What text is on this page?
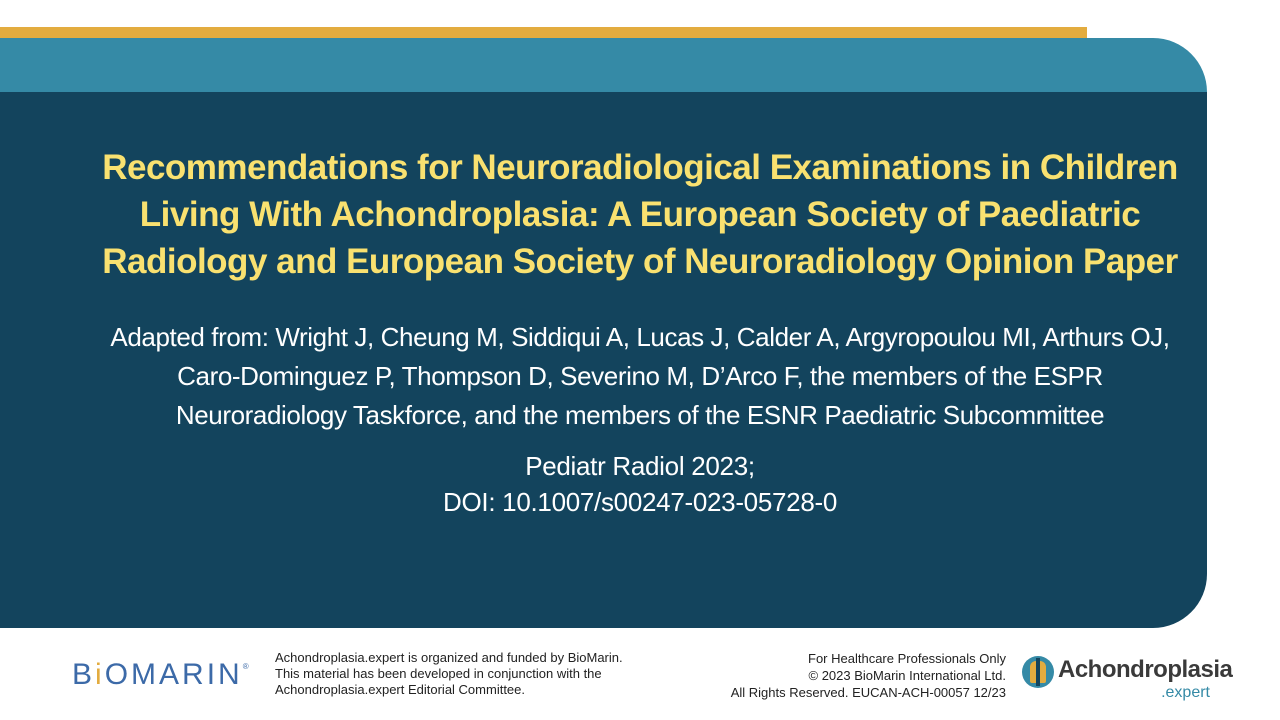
Recommendations for Neuroradiological Examinations in Children
Living With Achondroplasia: A European Society of Paediatric
Radiology and European Society of Neuroradiology Opinion Paper

Adapted from: Wright J, Cheung M, Siddiqui A, Lucas J, Calder A, Argyropoulou MI, Arthurs OJ,
Caro-Dominguez P, Thompson D, Severino M, D’Arco F, the members of the ESPR
Neuroradiology Taskforce, and the members of the ESNR Paediatric Subcommittee

Pediatr Radiol 2023;
DOI: 10.1007/s00247-023-05728-0

BiOMARIN®
Achondroplasia.expert is organized and funded by BioMarin.
This material has been developed in conjunction with the
Achondroplasia.expert Editorial Committee.
For Healthcare Professionals Only
© 2023 BioMarin International Ltd.
All Rights Reserved. EUCAN-ACH-00057 12/23
Achondroplasia
.expert
